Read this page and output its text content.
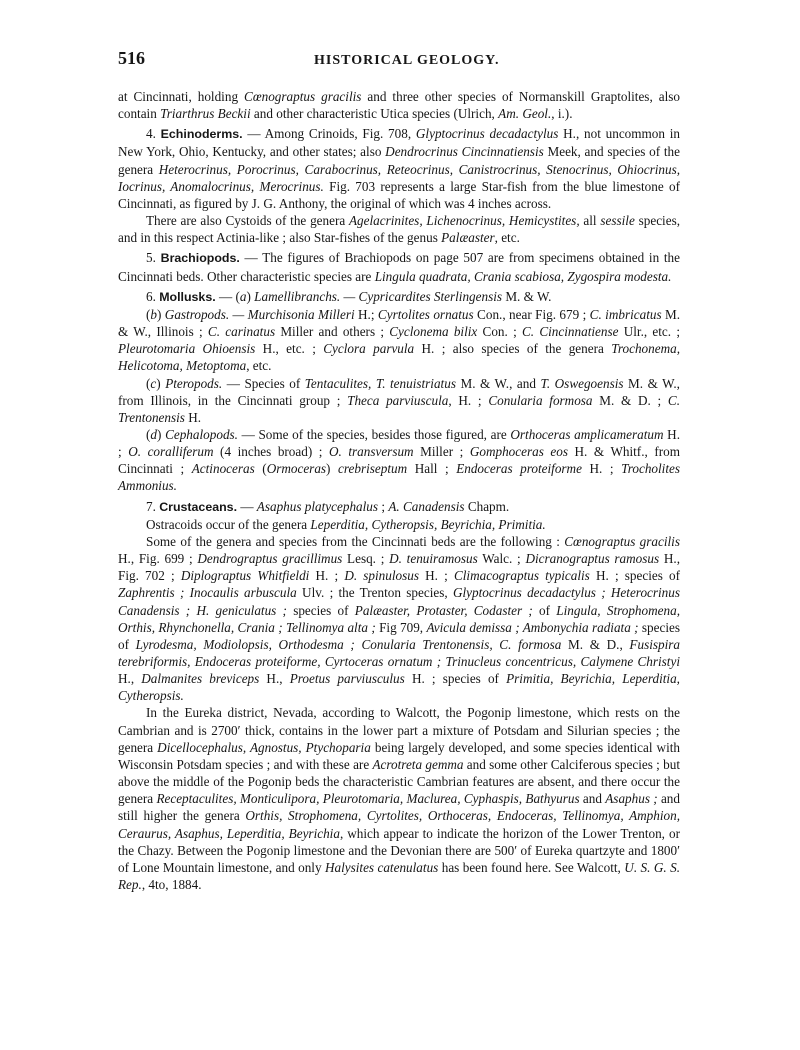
516	HISTORICAL GEOLOGY.

at Cincinnati, holding Cœnograptus gracilis and three other species of Normanskill Graptolites, also contain Triarthrus Beckii and other characteristic Utica species (Ulrich, Am. Geol., i.).

4. Echinoderms. — Among Crinoids, Fig. 708, Glyptocrinus decadactylus H., not uncommon in New York, Ohio, Kentucky, and other states; also Dendrocrinus Cincinnatiensis Meek, and species of the genera Heterocrinus, Porocrinus, Carabocrinus, Reteocrinus, Canistrocrinus, Stenocrinus, Ohiocrinus, Iocrinus, Anomalocrinus, Merocrinus. Fig. 703 represents a large Star-fish from the blue limestone of Cincinnati, as figured by J. G. Anthony, the original of which was 4 inches across.

There are also Cystoids of the genera Agelacrinites, Lichenocrinus, Hemicystites, all sessile species, and in this respect Actinia-like ; also Star-fishes of the genus Palæaster, etc.

5. Brachiopods. — The figures of Brachiopods on page 507 are from specimens obtained in the Cincinnati beds. Other characteristic species are Lingula quadrata, Crania scabiosa, Zygospira modesta.

6. Mollusks. — (a) Lamellibranchs. — Cypricardites Sterlingensis M. & W.

(b) Gastropods. — Murchisonia Milleri H.; Cyrtolites ornatus Con., near Fig. 679 ; C. imbricatus M. & W., Illinois ; C. carinatus Miller and others ; Cyclonema bilix Con. ; C. Cincinnatiense Ulr., etc. ; Pleurotomaria Ohioensis H., etc. ; Cyclora parvula H. ; also species of the genera Trochonema, Helicotoma, Metoptoma, etc.

(c) Pteropods. — Species of Tentaculites, T. tenuistriatus M. & W., and T. Oswegoensis M. & W., from Illinois, in the Cincinnati group ; Theca parviuscula, H. ; Conularia formosa M. & D. ; C. Trentonensis H.

(d) Cephalopods. — Some of the species, besides those figured, are Orthoceras amplicameratum H. ; O. coralliferum (4 inches broad) ; O. transversum Miller ; Gomphoceras eos H. & Whitf., from Cincinnati ; Actinoceras (Ormoceras) crebriseptum Hall ; Endoceras proteiforme H. ; Trocholites Ammonius.

7. Crustaceans. — Asaphus platycephalus ; A. Canadensis Chapm.

Ostracoids occur of the genera Leperditia, Cytheropsis, Beyrichia, Primitia.

Some of the genera and species from the Cincinnati beds are the following : Cœnograptus gracilis H., Fig. 699 ; Dendrograptus gracillimus Lesq. ; D. tenuiramosus Walc. ; Dicranograptus ramosus H., Fig. 702 ; Diplograptus Whitfieldi H. ; D. spinulosus H. ; Climacograptus typicalis H. ; species of Zaphrentis ; Inocaulis arbuscula Ulv. ; the Trenton species, Glyptocrinus decadactylus ; Heterocrinus Canadensis ; H. geniculatus ; species of Palæaster, Protaster, Codaster ; of Lingula, Strophomena, Orthis, Rhynchonella, Crania ; Tellinomya alta ; Fig 709, Avicula demissa ; Ambonychia radiata ; species of Lyrodesma, Modiolopsis, Orthodesma ; Conularia Trentonensis, C. formosa M. & D., Fusispira terebriformis, Endoceras proteiforme, Cyrtoceras ornatum ; Trinucleus concentricus, Calymene Christyi H., Dalmanites breviceps H., Proetus parviusculus H. ; species of Primitia, Beyrichia, Leperditia, Cytheropsis.

In the Eureka district, Nevada, according to Walcott, the Pogonip limestone, which rests on the Cambrian and is 2700′ thick, contains in the lower part a mixture of Potsdam and Silurian species ; the genera Dicellocephalus, Agnostus, Ptychoparia being largely developed, and some species identical with Wisconsin Potsdam species ; and with these are Acrotreta gemma and some other Calciferous species ; but above the middle of the Pogonip beds the characteristic Cambrian features are absent, and there occur the genera Receptaculites, Monticulipora, Pleurotomaria, Maclurea, Cyphaspis, Bathyurus and Asaphus ; and still higher the genera Orthis, Strophomena, Cyrtolites, Orthoceras, Endoceras, Tellinomya, Amphion, Ceraurus, Asaphus, Leperditia, Beyrichia, which appear to indicate the horizon of the Lower Trenton, or the Chazy. Between the Pogonip limestone and the Devonian there are 500′ of Eureka quartzyte and 1800′ of Lone Mountain limestone, and only Halysites catenulatus has been found here. See Walcott, U. S. G. S. Rep., 4to, 1884.
